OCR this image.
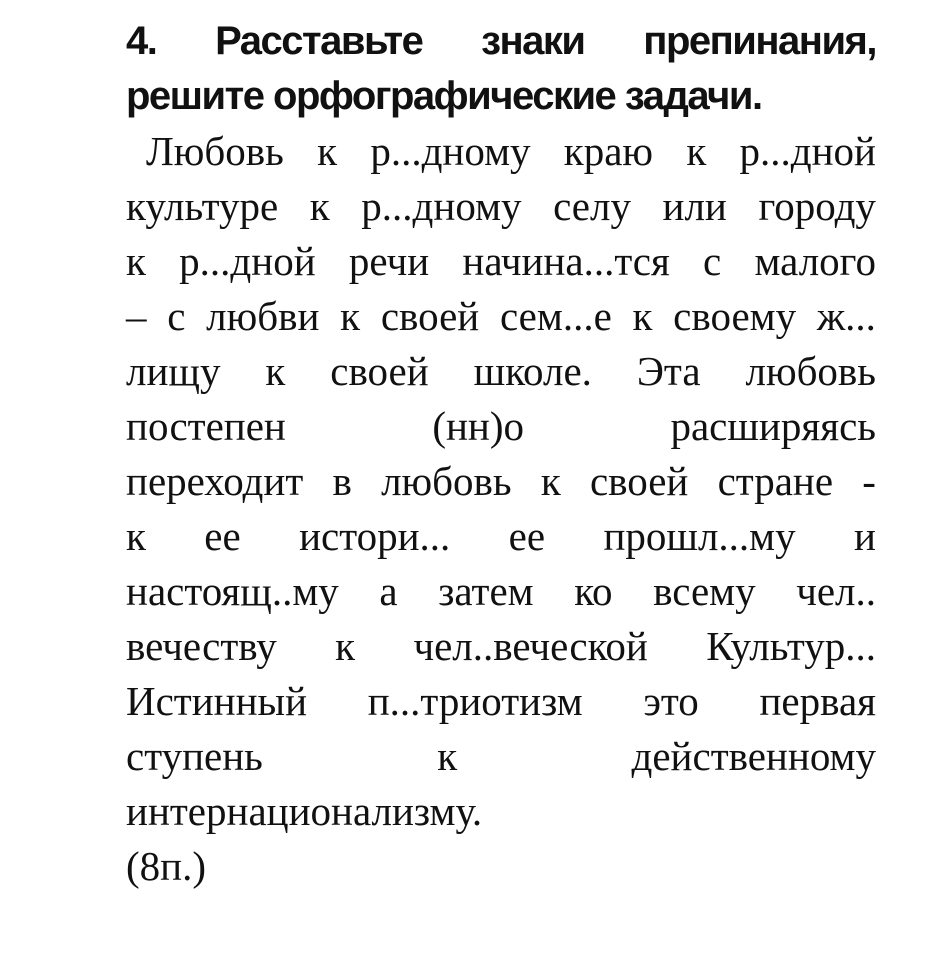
4. Расставьте знаки препинания,
решите орфографические задачи.
Любовь к р...дному краю к р...дной
культуре к р...дному селу или городу
к р...дной речи начина...тся с малого
– с любви к своей сем...е к своему ж...
лищу к своей школе. Эта любовь
постепен	(нн)о	расширяясь
переходит в любовь к своей стране -
к ее истори... ее прошл...му и
настоящ..му а затем ко всему чел..
вечеству к чел..веческой Культур...
Истинный п...триотизм это первая
ступень	к	действенному
интернационализму.
(8п.)
